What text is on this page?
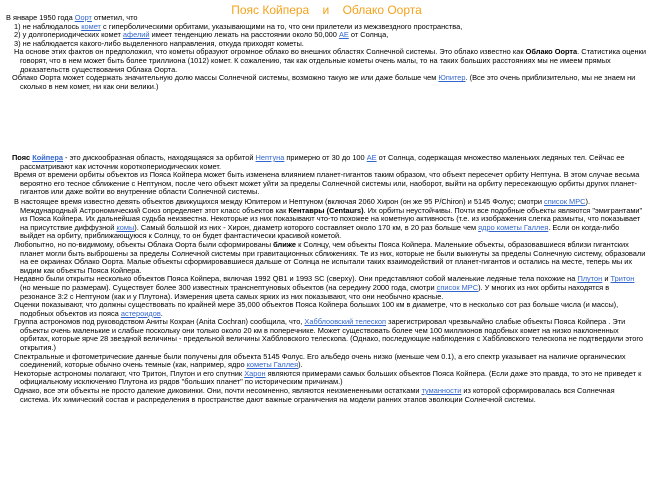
Пояс Койпера    и    Облако Оорта

В январе 1950 года Оорт отметил, что

1) не наблюдалось комет с гиперболическими орбитами, указывающими на то, что они прилетели из межзвездного пространства,

2) у долгопериодических комет афелий имеет тенденцию лежать на расстоянии около 50,000 АЕ от Солнца,

3) не наблюдается какого-либо выделенного направления, откуда приходят кометы.

На основе этих фактов он предположил, что кометы образуют огромное облако во внешних областях Солнечной системы. Это облако известно как Облако Оорта. Статистика оценки говорят, что в нем может быть более триллиона (1012) комет. К сожалению, так как отдельные кометы очень малы, то на таких больших расстояниях мы не имеем прямых доказательств существования Облака Оорта.

Облако Оорта может содержать значительную долю массы Солнечной системы, возможно такую же или даже больше чем Юпитер. (Все это очень приблизительно, мы не знаем ни сколько в нем комет, ни как они велики.)

Пояс Койпера - это дискообразная область, находящаяся за орбитой Нептуна примерно от 30 до 100 АЕ от Солнца, содержащая множество маленьких ледяных тел. Сейчас ее рассматривают как источник короткопериодических комет.

Время от времени орбиты объектов из Пояса Койпера может быть изменена влиянием планет-гигантов таким образом, что объект пересечет орбиту Нептуна. В этом случае весьма вероятно его тесное сближение с Нептуном, после чего объект может уйти за пределы Солнечной системы или, наоборот, выйти на орбиту пересекающую орбиты других планет-гигантов или даже войти во внутренние области Солнечной системы.

В настоящее время известно девять объектов движущихся между Юпитером и Нептуном (включая 2060 Хирон (он же 95 P/Chiron) и 5145 Фолус; смотри список MPC). Международный Астрономический Союз определяет этот класс объектов как Кентавры (Centaurs). Их орбиты неустойчивы. Почти все подобные объекты являются "эмигрантами" из Пояса Койпера. Их дальнейшая судьба неизвестна. Некоторые из них показывают что-то похожее на кометную активность (т.е. из изображения слегка размыты, что показывает на присутствие диффузной комы). Самый большой из них - Хирон, диаметр которого составляет около 170 км, в 20 раз больше чем ядро кометы Галлея. Если он когда-либо выйдет на орбиту, приближающуюся к Солнцу, то он будет фантастически красивой кометой.

Любопытно, но по-видимому, объекты Облака Оорта были сформированы ближе к Солнцу, чем объекты Пояса Койпера. Маленькие объекты, образовавшиеся вблизи гигантских планет могли быть выброшены за пределы Солнечной системы при гравитационных сближениях. Те из них, которые не были выкинуты за пределы Солнечную систему, образовали на ее окраинах Облако Оорта. Малые объекты сформировавшиеся дальше от Солнца не испытали таких взаимодействий от планет-гигантов и остались на месте, теперь мы их видим как объекты Пояса Койпера.

Недавно были открыты несколько объектов Пояса Койпера, включая 1992 QB1 и 1993 SC (сверху). Они представляют собой маленькие ледяные тела похожие на Плутон и Тритон (но меньше по размерам). Существует более 300 известных транснептуновых объектов (на середину 2000 года, смотри список MPC). У многих из них орбиты находятся в резонансе 3:2 с Нептуном (как и у Плутона). Измерения цвета самых ярких из них показывают, что они необычно красные.

Оценки показывают, что должны существовать по крайней мере 35,000 объектов Пояса Койпера больших 100 км в диаметре, что в несколько сот раз больше числа (и массы), подобных объектов из пояса астероидов.

Группа астрономов под руководством Аниты Кохран (Anita Cochran) сообщила, что, Хабблоовский телескоп зарегистрировал чрезвычайно слабые объекты Пояса Койпера . Эти объекты очень маленькие и слабые поскольку они только около 20 км в поперечнике. Может существовать более чем 100 миллионов подобных комет на низко наклоненных орбитах, которые ярче 28 звездной величины - предельной величины Хаббловского телескопа. (Однако, последующие наблюдения с Хаббловского телескопа не подтвердили этого открытия.)

Спектральные и фотометрические данные были получены для объекта 5145 Фолус. Его альбедо очень низко (меньше чем 0.1), а его спектр указывает на наличие органических соединений, которые обычно очень темные (как, например, ядро кометы Галлея).

Некоторые астрономы полагают, что Тритон, Плутон и его спутник Харон являются примерами самых больших объектов Пояса Койпера. (Если даже это правда, то это не приведет к официальному исключению Плутона из рядов "больших планет" по историческим причинам.)

Однако, все эти объекты не просто далекие диковинки. Они, почти несомненно, являются неизмененными остатками туманности из которой сформировалась вся Солнечная система. Их химический состав и распределения в пространстве дают важные ограничения на модели ранних этапов эволюции Солнечной системы.
